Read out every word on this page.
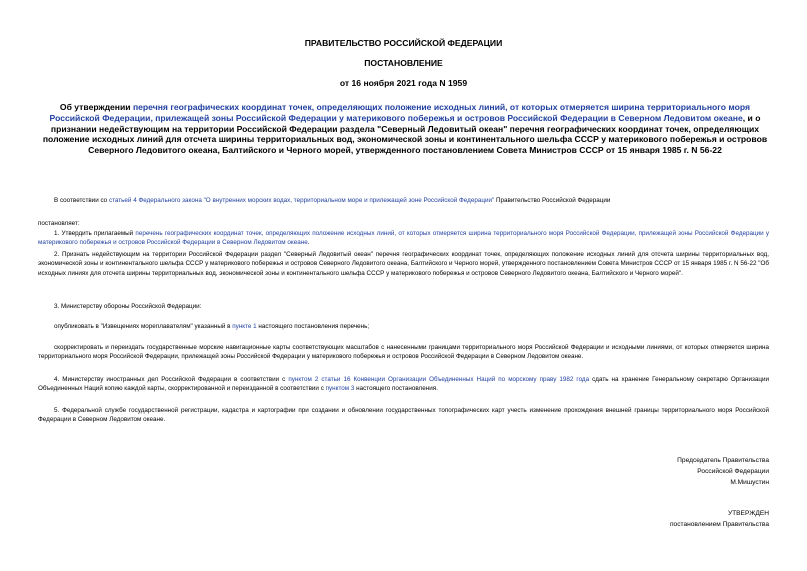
ПРАВИТЕЛЬСТВО РОССИЙСКОЙ ФЕДЕРАЦИИ
ПОСТАНОВЛЕНИЕ
от 16 ноября 2021 года N 1959
Об утверждении перечня географических координат точек, определяющих положение исходных линий, от которых отмеряется ширина территориального моря Российской Федерации, прилежащей зоны Российской Федерации у материкового побережья и островов Российской Федерации в Северном Ледовитом океане, и о признании недействующим на территории Российской Федерации раздела "Северный Ледовитый океан" перечня географических координат точек, определяющих положение исходных линий для отсчета ширины территориальных вод, экономической зоны и континентального шельфа СССР у материкового побережья и островов Северного Ледовитого океана, Балтийского и Черного морей, утвержденного постановлением Совета Министров СССР от 15 января 1985 г. N 56-22
В соответствии со статьей 4 Федерального закона "О внутренних морских водах, территориальном море и прилежащей зоне Российской Федерации" Правительство Российской Федерации
постановляет:
1. Утвердить прилагаемый перечень географических координат точек, определяющих положение исходных линий, от которых отмеряется ширина территориального моря Российской Федерации, прилежащей зоны Российской Федерации у материкового побережья и островов Российской Федерации в Северном Ледовитом океане.
2. Признать недействующим на территории Российской Федерации раздел "Северный Ледовитый океан" перечня географических координат точек, определяющих положение исходных линий для отсчета ширины территориальных вод, экономической зоны и континентального шельфа СССР у материкового побережья и островов Северного Ледовитого океана, Балтийского и Черного морей, утвержденного постановлением Совета Министров СССР от 15 января 1985 г. N 56-22 "Об исходных линиях для отсчета ширины территориальных вод, экономической зоны и континентального шельфа СССР у материкового побережья и островов Северного Ледовитого океана, Балтийского и Черного морей".
3. Министерству обороны Российской Федерации:
опубликовать в "Извещениях мореплавателям" указанный в пункте 1 настоящего постановления перечень;
скорректировать и переиздать государственные морские навигационные карты соответствующих масштабов с нанесенными границами территориального моря Российской Федерации и исходными линиями, от которых отмеряется ширина территориального моря Российской Федерации, прилежащей зоны Российской Федерации у материкового побережья и островов Российской Федерации в Северном Ледовитом океане.
4. Министерству иностранных дел Российской Федерации в соответствии с пунктом 2 статьи 16 Конвенции Организации Объединенных Наций по морскому праву 1982 года сдать на хранение Генеральному секретарю Организации Объединенных Наций копию каждой карты, скорректированной и переизданной в соответствии с пунктом 3 настоящего постановления.
5. Федеральной службе государственной регистрации, кадастра и картографии при создании и обновлении государственных топографических карт учесть изменение прохождения внешней границы территориального моря Российской Федерации в Северном Ледовитом океане.
Председатель Правительства
Российской Федерации
М.Мишустин
УТВЕРЖДЕН
постановлением Правительства
